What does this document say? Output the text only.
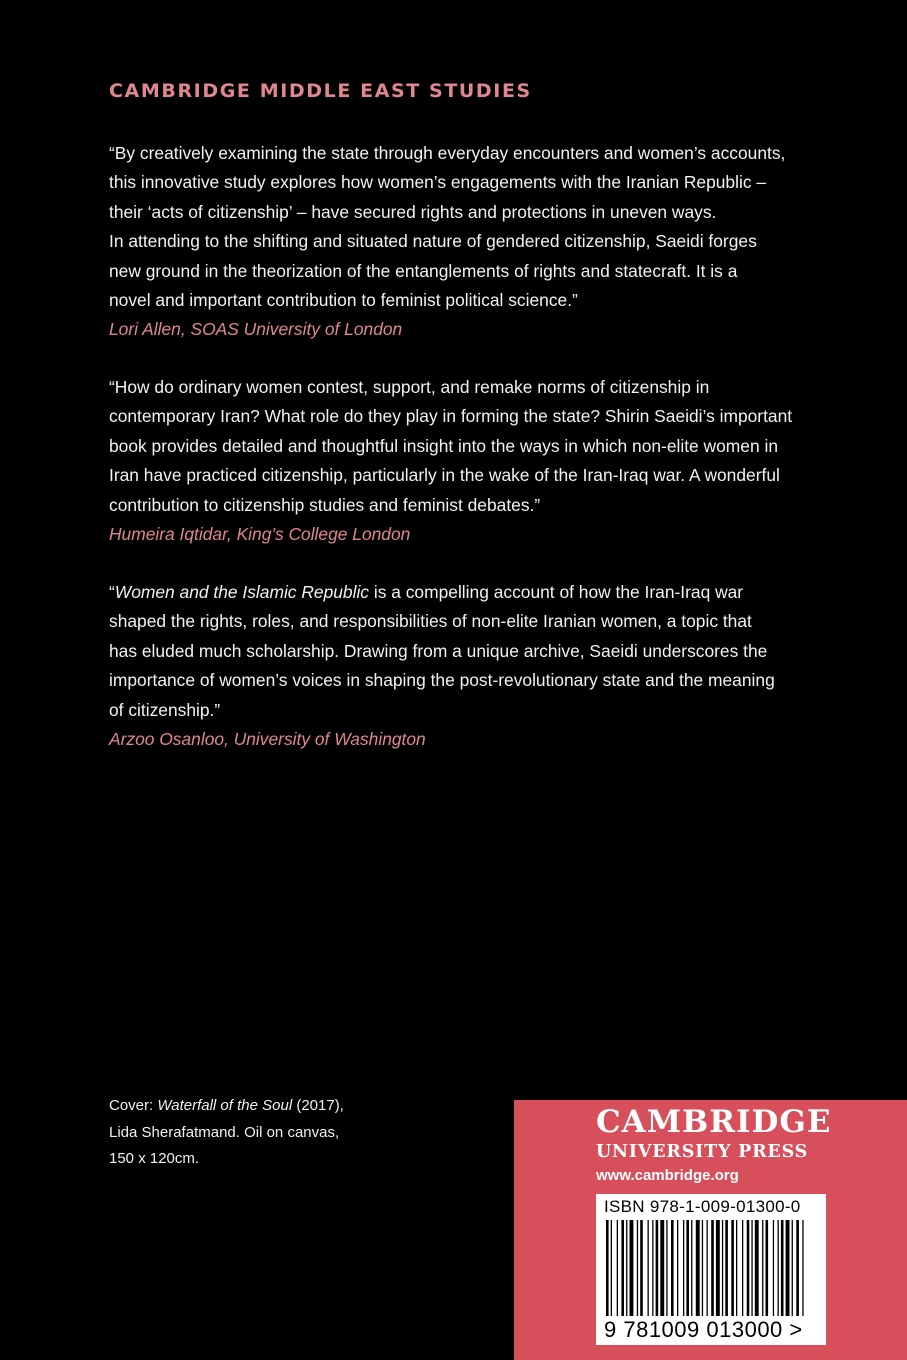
CAMBRIDGE MIDDLE EAST STUDIES
“By creatively examining the state through everyday encounters and women’s accounts,
this innovative study explores how women’s engagements with the Iranian Republic –
their ‘acts of citizenship’ – have secured rights and protections in uneven ways.
In attending to the shifting and situated nature of gendered citizenship, Saeidi forges
new ground in the theorization of the entanglements of rights and statecraft. It is a
novel and important contribution to feminist political science.”
Lori Allen, SOAS University of London
“How do ordinary women contest, support, and remake norms of citizenship in
contemporary Iran? What role do they play in forming the state? Shirin Saeidi’s important
book provides detailed and thoughtful insight into the ways in which non-elite women in
Iran have practiced citizenship, particularly in the wake of the Iran-Iraq war. A wonderful
contribution to citizenship studies and feminist debates.”
Humeira Iqtidar, King’s College London
“Women and the Islamic Republic is a compelling account of how the Iran-Iraq war
shaped the rights, roles, and responsibilities of non-elite Iranian women, a topic that
has eluded much scholarship. Drawing from a unique archive, Saeidi underscores the
importance of women’s voices in shaping the post-revolutionary state and the meaning
of citizenship.”
Arzoo Osanloo, University of Washington
Cover: Waterfall of the Soul (2017),
Lida Sherafatmand. Oil on canvas,
150 x 120cm.
CAMBRIDGE
UNIVERSITY PRESS
www.cambridge.org
ISBN 978-1-009-01300-0
9 781009 013000 >
